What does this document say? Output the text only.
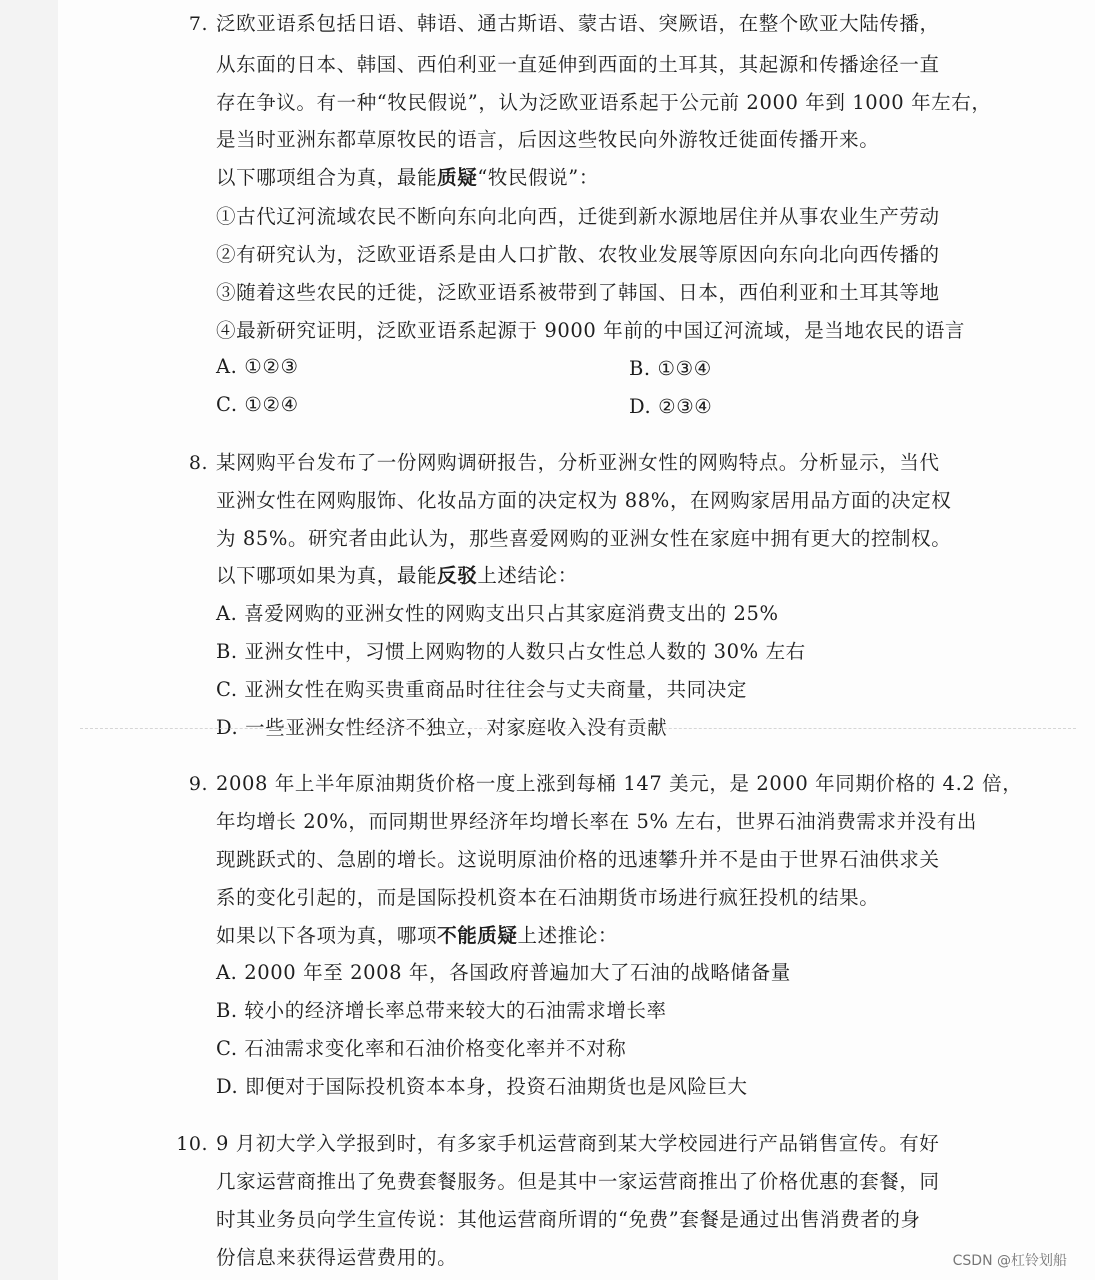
7. 泛欧亚语系包括日语、韩语、通古斯语、蒙古语、突厥语，在整个欧亚大陆传播，
从东面的日本、韩国、西伯利亚一直延伸到西面的土耳其，其起源和传播途径一直
存在争议。有一种“牧民假说”，认为泛欧亚语系起于公元前 2000 年到 1000 年左右，
是当时亚洲东都草原牧民的语言，后因这些牧民向外游牧迁徙面传播开来。
以下哪项组合为真，最能质疑“牧民假说”：
①古代辽河流域农民不断向东向北向西，迁徙到新水源地居住并从事农业生产劳动
②有研究认为，泛欧亚语系是由人口扩散、农牧业发展等原因向东向北向西传播的
③随着这些农民的迁徙，泛欧亚语系被带到了韩国、日本，西伯利亚和土耳其等地
④最新研究证明，泛欧亚语系起源于 9000 年前的中国辽河流域，是当地农民的语言
A. ①②③	B. ①③④
C. ①②④	D. ②③④
8. 某网购平台发布了一份网购调研报告，分析亚洲女性的网购特点。分析显示，当代
亚洲女性在网购服饰、化妆品方面的决定权为 88%，在网购家居用品方面的决定权
为 85%。研究者由此认为，那些喜爱网购的亚洲女性在家庭中拥有更大的控制权。
以下哪项如果为真，最能反驳上述结论：
A. 喜爱网购的亚洲女性的网购支出只占其家庭消费支出的 25%
B. 亚洲女性中，习惯上网购物的人数只占女性总人数的 30% 左右
C. 亚洲女性在购买贵重商品时往往会与丈夫商量，共同决定
D. 一些亚洲女性经济不独立，对家庭收入没有贡献
9. 2008 年上半年原油期货价格一度上涨到每桶 147 美元，是 2000 年同期价格的 4.2 倍，
年均增长 20%，而同期世界经济年均增长率在 5% 左右，世界石油消费需求并没有出
现跳跃式的、急剧的增长。这说明原油价格的迅速攀升并不是由于世界石油供求关
系的变化引起的，而是国际投机资本在石油期货市场进行疯狂投机的结果。
如果以下各项为真，哪项不能质疑上述推论：
A. 2000 年至 2008 年，各国政府普遍加大了石油的战略储备量
B. 较小的经济增长率总带来较大的石油需求增长率
C. 石油需求变化率和石油价格变化率并不对称
D. 即便对于国际投机资本本身，投资石油期货也是风险巨大
10. 9 月初大学入学报到时，有多家手机运营商到某大学校园进行产品销售宣传。有好
几家运营商推出了免费套餐服务。但是其中一家运营商推出了价格优惠的套餐，同
时其业务员向学生宣传说：其他运营商所谓的“免费”套餐是通过出售消费者的身
份信息来获得运营费用的。	CSDN @杠铃划船
